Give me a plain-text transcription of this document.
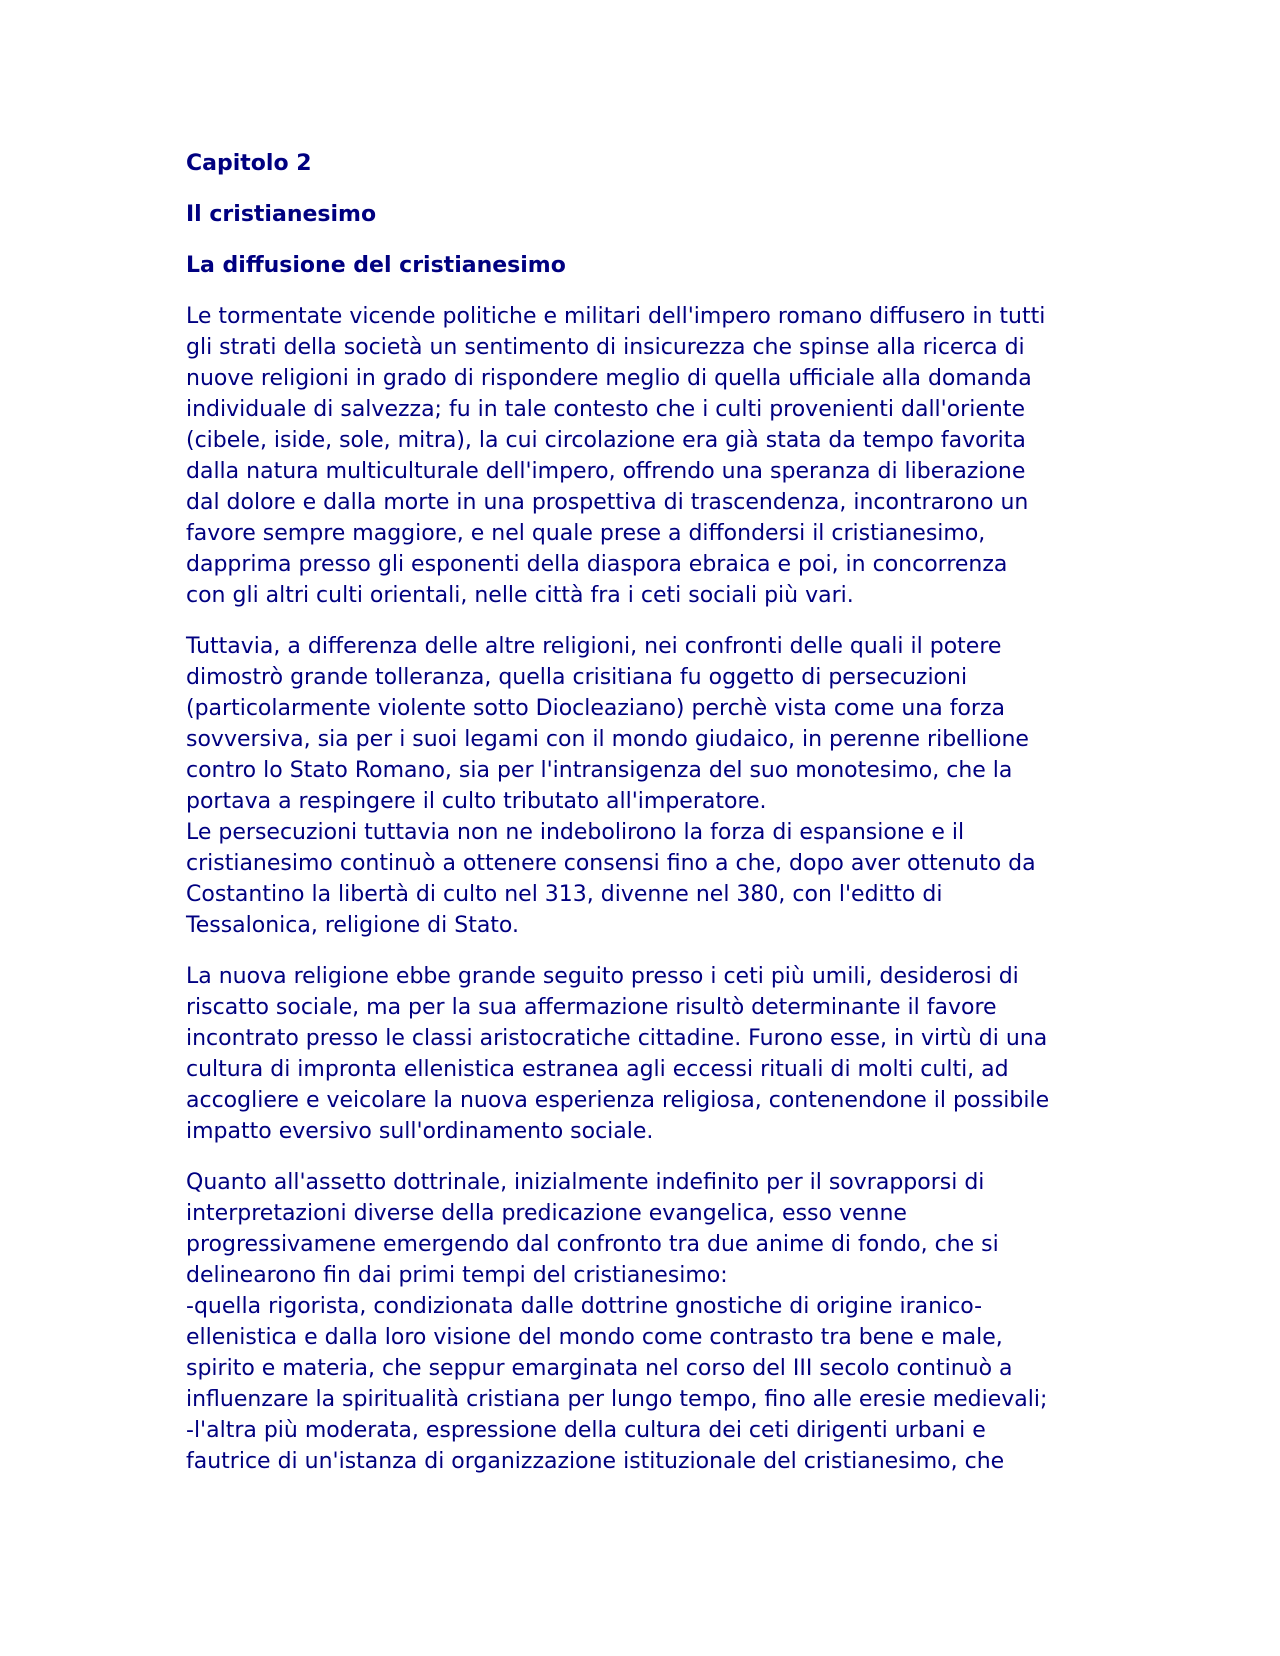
Capitolo 2
Il cristianesimo
La diffusione del cristianesimo
Le tormentate vicende politiche e militari dell'impero romano diffusero in tutti
gli strati della società un sentimento di insicurezza che spinse alla ricerca di
nuove religioni in grado di rispondere meglio di quella ufficiale alla domanda
individuale di salvezza; fu in tale contesto che i culti provenienti dall'oriente
(cibele, iside, sole, mitra), la cui circolazione era già stata da tempo favorita
dalla natura multiculturale dell'impero, offrendo una speranza di liberazione
dal dolore e dalla morte in una prospettiva di trascendenza, incontrarono un
favore sempre maggiore, e nel quale prese a diffondersi il cristianesimo,
dapprima presso gli esponenti della diaspora ebraica e poi, in concorrenza
con gli altri culti orientali, nelle città fra i ceti sociali più vari.
Tuttavia, a differenza delle altre religioni, nei confronti delle quali il potere
dimostrò grande tolleranza, quella crisitiana fu oggetto di persecuzioni
(particolarmente violente sotto Diocleaziano) perchè vista come una forza
sovversiva, sia per i suoi legami con il mondo giudaico, in perenne ribellione
contro lo Stato Romano, sia per l'intransigenza del suo monotesimo, che la
portava a respingere il culto tributato all'imperatore.
Le persecuzioni tuttavia non ne indebolirono la forza di espansione e il
cristianesimo continuò a ottenere consensi fino a che, dopo aver ottenuto da
Costantino la libertà di culto nel 313, divenne nel 380, con l'editto di
Tessalonica, religione di Stato.
La nuova religione ebbe grande seguito presso i ceti più umili, desiderosi di
riscatto sociale, ma per la sua affermazione risultò determinante il favore
incontrato presso le classi aristocratiche cittadine. Furono esse, in virtù di una
cultura di impronta ellenistica estranea agli eccessi rituali di molti culti, ad
accogliere e veicolare la nuova esperienza religiosa, contenendone il possibile
impatto eversivo sull'ordinamento sociale.
Quanto all'assetto dottrinale, inizialmente indefinito per il sovrapporsi di
interpretazioni diverse della predicazione evangelica, esso venne
progressivamene emergendo dal confronto tra due anime di fondo, che si
delinearono fin dai primi tempi del cristianesimo:
-quella rigorista, condizionata dalle dottrine gnostiche di origine iranico-
ellenistica e dalla loro visione del mondo come contrasto tra bene e male,
spirito e materia, che seppur emarginata nel corso del III secolo continuò a
influenzare la spiritualità cristiana per lungo tempo, fino alle eresie medievali;
-l'altra più moderata, espressione della cultura dei ceti dirigenti urbani e
fautrice di un'istanza di organizzazione istituzionale del cristianesimo, che
